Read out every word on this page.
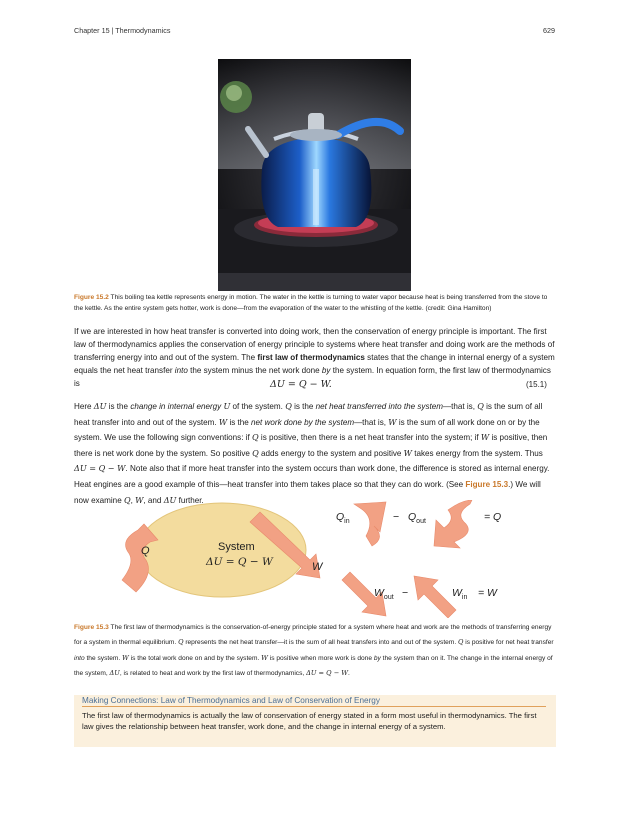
Chapter 15 | Thermodynamics	629
Figure 15.2 This boiling tea kettle represents energy in motion. The water in the kettle is turning to water vapor because heat is being transferred from the stove to the kettle. As the entire system gets hotter, work is done—from the evaporation of the water to the whistling of the kettle. (credit: Gina Hamilton)
If we are interested in how heat transfer is converted into doing work, then the conservation of energy principle is important. The first law of thermodynamics applies the conservation of energy principle to systems where heat transfer and doing work are the methods of transferring energy into and out of the system. The first law of thermodynamics states that the change in internal energy of a system equals the net heat transfer into the system minus the net work done by the system. In equation form, the first law of thermodynamics is	ΔU = Q − W.	(15.1)
Here ΔU is the change in internal energy U of the system. Q is the net heat transferred into the system—that is, Q is the sum of all heat transfer into and out of the system. W is the net work done by the system—that is, W is the sum of all work done on or by the system. We use the following sign conventions: if Q is positive, then there is a net heat transfer into the system; if W is positive, then there is net work done by the system. So positive Q adds energy to the system and positive W takes energy from the system. Thus ΔU = Q − W. Note also that if more heat transfer into the system occurs than work done, the difference is stored as internal energy. Heat engines are a good example of this—heat transfer into them takes place so that they can do work. (See Figure 15.3.) We will now examine Q, W, and ΔU further.
System
ΔU = Q − W
Q
W
$Q_{in}$	− $Q_{out}$	= Q
$W_{out}$ −	$W_{in} = W$
Figure 15.3 The first law of thermodynamics is the conservation-of-energy principle stated for a system where heat and work are the methods of transferring energy for a system in thermal equilibrium. Q represents the net heat transfer—it is the sum of all heat transfers into and out of the system. Q is positive for net heat transfer into the system. W is the total work done on and by the system. W is positive when more work is done by the system than on it. The change in the internal energy of the system, ΔU, is related to heat and work by the first law of thermodynamics, ΔU = Q − W.
Making Connections: Law of Thermodynamics and Law of Conservation of Energy
The first law of thermodynamics is actually the law of conservation of energy stated in a form most useful in thermodynamics. The first law gives the relationship between heat transfer, work done, and the change in internal energy of a system.
